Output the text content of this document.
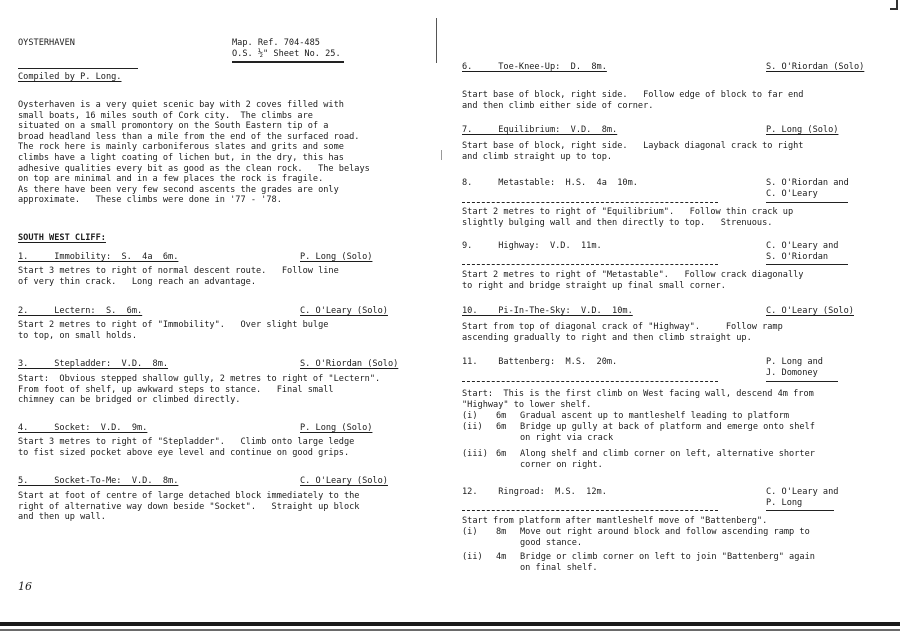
OYSTERHAVEN	Map. Ref. 704-485
O.S. ½" Sheet No. 25.
Compiled by P. Long.
Oysterhaven is a very quiet scenic bay with 2 coves filled with
small boats, 16 miles south of Cork city.  The climbs are
situated on a small promontory on the South Eastern tip of a
broad headland less than a mile from the end of the surfaced road.
The rock here is mainly carboniferous slates and grits and some
climbs have a light coating of lichen but, in the dry, this has
adhesive qualities every bit as good as the clean rock.   The belays
on top are minimal and in a few places the rock is fragile.
As there have been very few second ascents the grades are only
approximate.   These climbs were done in '77 - '78.
SOUTH WEST CLIFF:
1.     Immobility:  S.  4a  6m.	P. Long (Solo)
Start 3 metres to right of normal descent route.   Follow line
of very thin crack.   Long reach an advantage.
2.     Lectern:  S.  6m.	C. O'Leary (Solo)
Start 2 metres to right of "Immobility".   Over slight bulge
to top, on small holds.
3.     Stepladder:  V.D.  8m.	S. O'Riordan (Solo)
Start:  Obvious stepped shallow gully, 2 metres to right of "Lectern".
From foot of shelf, up awkward steps to stance.   Final small
chimney can be bridged or climbed directly.
4.     Socket:  V.D.  9m.	P. Long (Solo)
Start 3 metres to right of "Stepladder".   Climb onto large ledge
to fist sized pocket above eye level and continue on good grips.
5.     Socket-To-Me:  V.D.  8m.	C. O'Leary (Solo)
Start at foot of centre of large detached block immediately to the
right of alternative way down beside "Socket".   Straight up block
and then up wall.
16
6.     Toe-Knee-Up:  D.  8m.	S. O'Riordan (Solo)
Start base of block, right side.   Follow edge of block to far end
and then climb either side of corner.
7.     Equilibrium:  V.D.  8m.	P. Long (Solo)
Start base of block, right side.   Layback diagonal crack to right
and climb straight up to top.
8.     Metastable:  H.S.  4a  10m.	S. O'Riordan and
C. O'Leary
Start 2 metres to right of "Equilibrium".   Follow thin crack up
slightly bulging wall and then directly to top.   Strenuous.
9.     Highway:  V.D.  11m.	C. O'Leary and
S. O'Riordan
Start 2 metres to right of "Metastable".   Follow crack diagonally
to right and bridge straight up final small corner.
10.    Pi-In-The-Sky:  V.D.  10m.	C. O'Leary (Solo)
Start from top of diagonal crack of "Highway".     Follow ramp
ascending gradually to right and then climb straight up.
11.    Battenberg:  M.S.  20m.	P. Long and
J. Domoney
Start:  This is the first climb on West facing wall, descend 4m from
"Highway" to lower shelf.
(i) 6m Gradual ascent up to mantleshelf leading to platform
(ii) 6m Bridge up gully at back of platform and emerge onto shelf
on right via crack
(iii) 6m Along shelf and climb corner on left, alternative shorter
corner on right.
12.    Ringroad:  M.S.  12m.	C. O'Leary and
P. Long
Start from platform after mantleshelf move of "Battenberg".
(i) 8m Move out right around block and follow ascending ramp to
good stance.
(ii) 4m Bridge or climb corner on left to join "Battenberg" again
on final shelf.
